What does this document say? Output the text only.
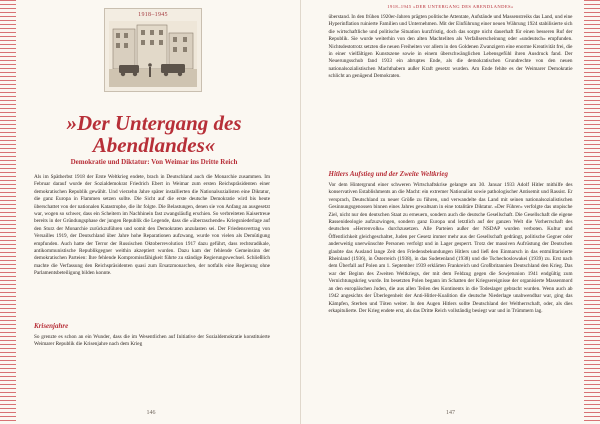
1918–1945
»Der Untergang des Abendlandes«

Demokratie und Diktatur: Von Weimar ins Dritte Reich

Als im Spätherbst 1918 der Erste Weltkrieg endete, brach in Deutschland auch die Monarchie zusammen. Im Februar darauf wurde der Sozialdemokrat Friedrich Ebert in Weimar zum ersten Reichspräsidenten einer demokratischen Republik gewählt. Und vierzehn Jahre später installierten die Nationalsozialisten eine Diktatur, die ganz Europa in Flammen setzen sollte. Die Sicht auf die erste deutsche Demokratie wird bis heute überschattet von der nationalen Katastrophe, die ihr folgte. Die Belastungen, denen sie von Anfang an ausgesetzt war, wogen so schwer, dass ein Scheitern im Nachhinein fast zwangsläufig erschien. So verbreiteten Kaisertreue bereits in der Gründungsphase der jungen Republik die Legende, dass die »überraschende« Kriegsniederlage auf den Sturz der Monarchie zurückzuführen und somit den Demokraten anzulasten sei. Der Friedensvertrag von Versailles 1919, der Deutschland über Jahre hohe Reparationen aufzwang, wurde von vielen als Demütigung empfunden. Auch hatte der Terror der Russischen Oktoberrevolution 1917 dazu geführt, dass rechtsradikale, antikommunistische Republikgegner weithin akzeptiert wurden. Dazu kam der fehlende Gemeinsinn der demokratischen Parteien: Ihre fehlende Kompromissfähigkeit führte zu ständige Regierungswechsel. Schließlich machte die Verfassung den Reichspräsidenten quasi zum Ersatzmonarchen, der notfalls eine Regierung ohne Parlamentsbeteiligung bilden konnte.

Krisenjahre

So grenzte es schon an ein Wunder, dass die im Wesentlichen auf Initiative der Sozialdemokratie konstituierte Weimarer Republik die Krisenjahre nach dem Krieg

146
1918–1945 »DER UNTERGANG DES ABENDLANDES«

überstand. In den frühen 1920er-Jahren prägten politische Attentate, Aufstände und Massenstreiks das Land, und eine Hyperinflation ruinierte Familien und Unternehmen. Mit der Einführung einer neuen Währung 1924 stabilisierte sich die wirtschaftliche und politische Situation kurzfristig, doch das sorgte nicht dauerhaft für einen besseren Ruf der Republik. Sie wurde weiterhin von den alten Machteliten als Verfallserscheinung oder »undeutsch« empfunden. Nichtsdestotrotz setzten die neuen Freiheiten vor allem in den Goldenen Zwanzigern eine enorme Kreativität frei, die in einer vielfältigen Kunstszene sowie in einem überschwänglichen Lebensgefühl ihren Ausdruck fand. Der Neuerungsschub fand 1933 ein abruptes Ende, als die demokratischen Grundrechte von den neuen nationalsozialistischen Machthabern außer Kraft gesetzt wurden. Am Ende fehlte es der Weimarer Demokratie schlicht an genügend Demokraten.

Hitlers Aufstieg und der Zweite Weltkrieg

Vor dem Hintergrund einer schweren Wirtschaftskrise gelangte am 30. Januar 1933 Adolf Hitler mithilfe des konservativen Establishments an die Macht: ein extremer Nationalist sowie pathologischer Antisemit und Rassist. Er versprach, Deutschland zu neuer Größe zu führen, und verwandelte das Land mit seinen nationalsozialistischen Gesinnungsgenossen binnen eines Jahres gewaltsam in eine totalitäre Diktatur. »Der Führer« verfolgte das utopische Ziel, nicht nur den deutschen Staat zu erneuern, sondern auch die deutsche Gesellschaft. Die Gesellschaft die eigene Rassenideologie aufzuzwingen, sondern ganz Europa und letztlich auf der ganzen Welt die Vorherrschaft des deutschen »Herrenvolks« durchzusetzen. Alle Parteien außer der NSDAP wurden verboten. Kultur und Öffentlichkeit gleichgeschaltet, Juden per Gesetz immer mehr aus der Gesellschaft gedrängt, politische Gegner oder anderweitig unerwünschte Personen verfolgt und in Lager gesperrt. Trotz der massiven Aufrüstung der Deutschen glaubte das Ausland lange Zeit den Friedensbekundungen Hitlers und ließ den Einmarsch in das entmilitarisierte Rheinland (1936), in Österreich (1938), in das Sudetenland (1938) und die Tschechoslowakei (1939) zu. Erst nach dem Überfall auf Polen am 1. September 1939 erklärten Frankreich und Großbritannien Deutschland den Krieg. Das war der Beginn des Zweiten Weltkriegs, der mit dem Feldzug gegen die Sowjetunion 1941 endgültig zum Vernichtungskrieg wurde. Im besetzten Polen begann im Schatten der Kriegsereignisse der organisierte Massenmord an den europäischen Juden, die aus allen Teilen des Kontinents in die Todeslager gebracht wurden. Wenn auch ab 1942 angesichts der Überlegenheit der Anti-Hitler-Koalition die deutsche Niederlage unabwendbar war, ging das Kämpfen, Sterben und Töten weiter. In den Augen Hitlers sollte Deutschland der Weltherrschaft, oder, als dies erkapitulierte. Der Krieg endete erst, als das Dritte Reich vollständig besiegt war und in Trümmern lag.

147
